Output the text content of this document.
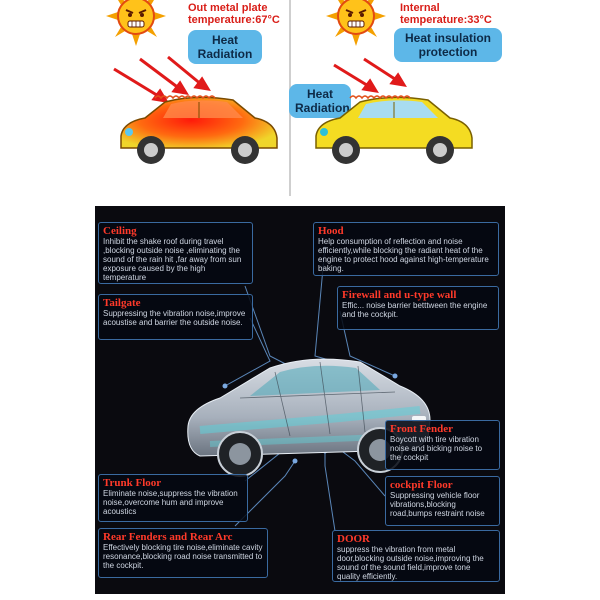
Out metal plate
temperature:67°C
Heat
Radiation
Internal
temperature:33°C
Heat insulation
protection
Heat
Radiation
Ceiling
Inhibit the shake roof during travel ,blocking outside noise ,eliminating the sound of the rain hit ,far away from sun exposure caused by the high temperature
Tailgate
Suppressing the vibration noise,improve acoustise and barrier the outside noise.
Hood
Help consumption of reflection and noise efficiently,while blocking the radiant heat of the engine to protect hood against high-temperature baking.
Firewall and u-type wall
Effic... noise barrier betttween the engine and the cockpit.
Front Fender
Boycott with tire vibration noise and bicking noise to the cockpit
Trunk Floor
Eliminate noise,suppress the vibration noise,overcome hum and improve acoustics
cockpit Floor
Suppressing vehicle floor vibrations,blocking road,bumps restraint noise
Rear Fenders and Rear Arc
Effectively blocking tire noise,eliminate cavity resonance,blocking road noise transmitted to the cockpit.
DOOR
suppress the vibration from metal door,blocking outside noise,improving the sound of the sound field,improve tone quality efficiently.
